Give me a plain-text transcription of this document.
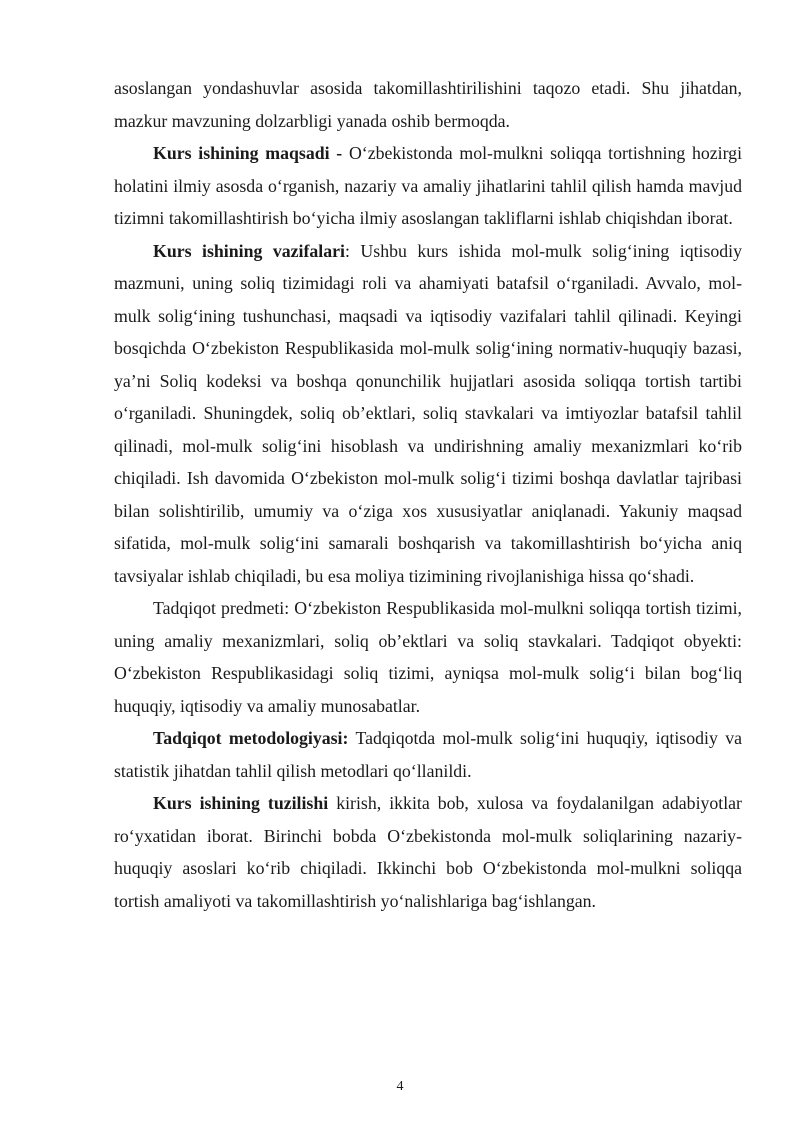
asoslangan yondashuvlar asosida takomillashtirilishini taqozo etadi. Shu jihatdan, mazkur mavzuning dolzarbligi yanada oshib bermoqda.

Kurs ishining maqsadi - O‘zbekistonda mol-mulkni soliqqa tortishning hozirgi holatini ilmiy asosda o‘rganish, nazariy va amaliy jihatlarini tahlil qilish hamda mavjud tizimni takomillashtirish bo‘yicha ilmiy asoslangan takliflarni ishlab chiqishdan iborat.

Kurs ishining vazifalari: Ushbu kurs ishida mol-mulk solig‘ining iqtisodiy mazmuni, uning soliq tizimidagi roli va ahamiyati batafsil o‘rganiladi. Avvalo, mol-mulk solig‘ining tushunchasi, maqsadi va iqtisodiy vazifalari tahlil qilinadi. Keyingi bosqichda O‘zbekiston Respublikasida mol-mulk solig‘ining normativ-huquqiy bazasi, ya’ni Soliq kodeksi va boshqa qonunchilik hujjatlari asosida soliqqa tortish tartibi o‘rganiladi. Shuningdek, soliq ob’ektlari, soliq stavkalari va imtiyozlar batafsil tahlil qilinadi, mol-mulk solig‘ini hisoblash va undirishning amaliy mexanizmlari ko‘rib chiqiladi. Ish davomida O‘zbekiston mol-mulk solig‘i tizimi boshqa davlatlar tajribasi bilan solishtirilib, umumiy va o‘ziga xos xususiyatlar aniqlanadi. Yakuniy maqsad sifatida, mol-mulk solig‘ini samarali boshqarish va takomillashtirish bo‘yicha aniq tavsiyalar ishlab chiqiladi, bu esa moliya tizimining rivojlanishiga hissa qo‘shadi.

Tadqiqot predmeti: O‘zbekiston Respublikasida mol-mulkni soliqqa tortish tizimi, uning amaliy mexanizmlari, soliq ob’ektlari va soliq stavkalari. Tadqiqot obyekti: O‘zbekiston Respublikasidagi soliq tizimi, ayniqsa mol-mulk solig‘i bilan bog‘liq huquqiy, iqtisodiy va amaliy munosabatlar.

Tadqiqot metodologiyasi: Tadqiqotda mol-mulk solig‘ini huquqiy, iqtisodiy va statistik jihatdan tahlil qilish metodlari qo‘llanildi.

Kurs ishining tuzilishi kirish, ikkita bob, xulosa va foydalanilgan adabiyotlar ro‘yxatidan iborat. Birinchi bobda O‘zbekistonda mol-mulk soliqlarining nazariy-huquqiy asoslari ko‘rib chiqiladi. Ikkinchi bob O‘zbekistonda mol-mulkni soliqqa tortish amaliyoti va takomillashtirish yo‘nalishlariga bag‘ishlangan.

4
